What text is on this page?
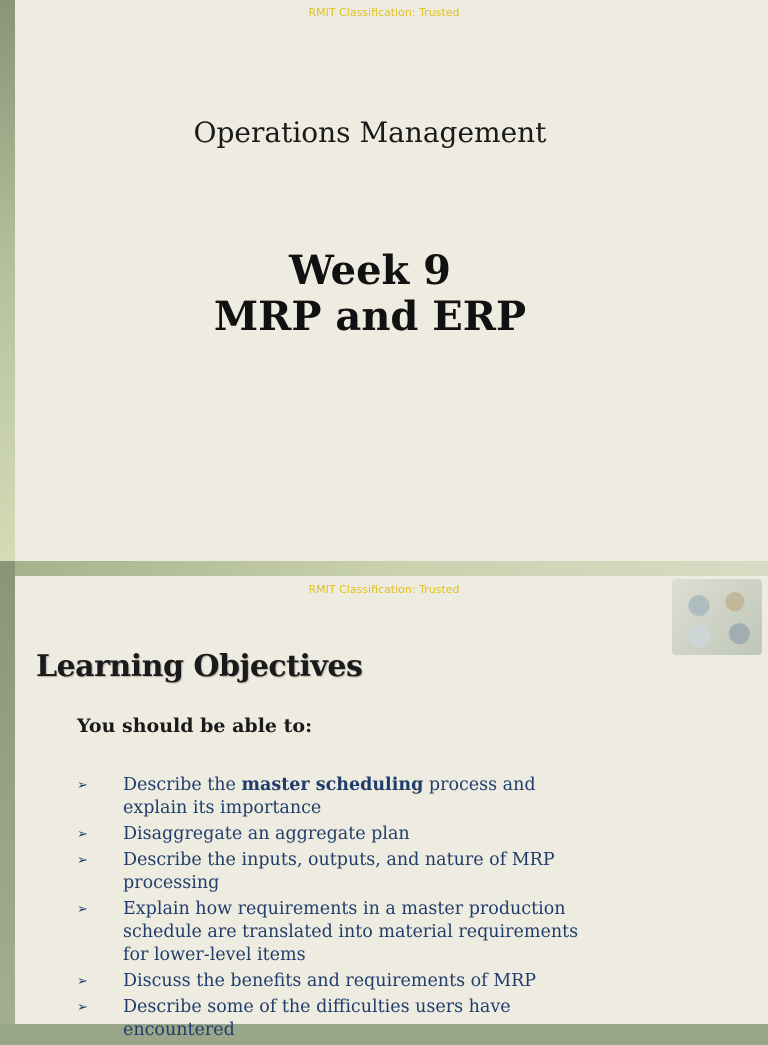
RMIT Classification: Trusted
Operations Management
Week 9
MRP and ERP
RMIT Classification: Trusted
Learning Objectives
You should be able to:
➢ Describe the master scheduling process and explain its importance
➢ Disaggregate an aggregate plan
➢ Describe the inputs, outputs, and nature of MRP processing
➢ Explain how requirements in a master production schedule are translated into material requirements for lower-level items
➢ Discuss the benefits and requirements of MRP
➢ Describe some of the difficulties users have encountered
